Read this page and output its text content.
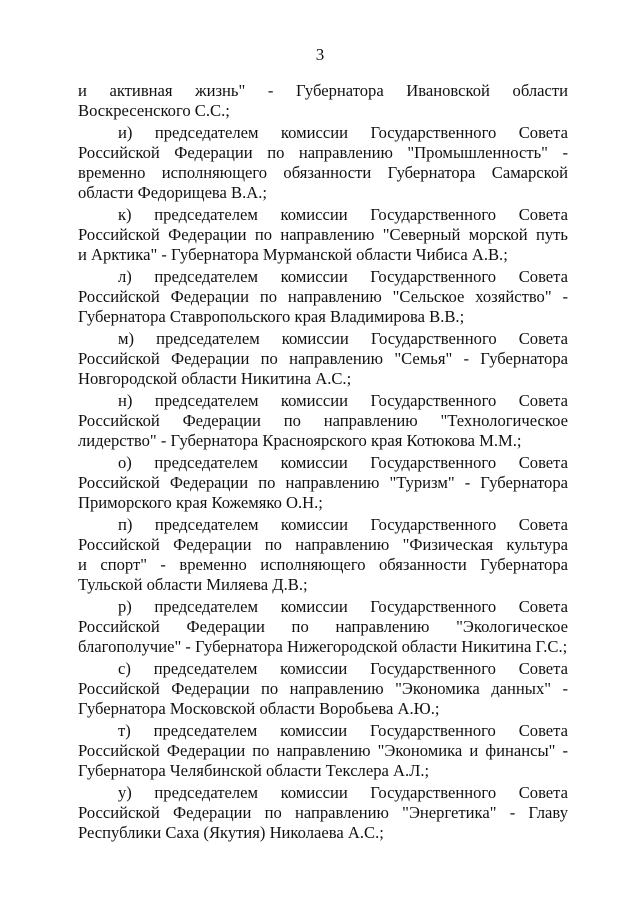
3
и активная жизнь" - Губернатора Ивановской области
Воскресенского С.С.;
и) председателем комиссии Государственного Совета
Российской Федерации по направлению "Промышленность" -
временно исполняющего обязанности Губернатора Самарской
области Федорищева В.А.;
к) председателем комиссии Государственного Совета
Российской Федерации по направлению "Северный морской путь
и Арктика" - Губернатора Мурманской области Чибиса А.В.;
л) председателем комиссии Государственного Совета
Российской Федерации по направлению "Сельское хозяйство" -
Губернатора Ставропольского края Владимирова В.В.;
м) председателем комиссии Государственного Совета
Российской Федерации по направлению "Семья" - Губернатора
Новгородской области Никитина А.С.;
н) председателем комиссии Государственного Совета
Российской Федерации по направлению "Технологическое
лидерство" - Губернатора Красноярского края Котюкова М.М.;
о) председателем комиссии Государственного Совета
Российской Федерации по направлению "Туризм" - Губернатора
Приморского края Кожемяко О.Н.;
п) председателем комиссии Государственного Совета
Российской Федерации по направлению "Физическая культура
и спорт" - временно исполняющего обязанности Губернатора
Тульской области Миляева Д.В.;
р) председателем комиссии Государственного Совета
Российской Федерации по направлению "Экологическое
благополучие" - Губернатора Нижегородской области Никитина Г.С.;
с) председателем комиссии Государственного Совета
Российской Федерации по направлению "Экономика данных" -
Губернатора Московской области Воробьева А.Ю.;
т) председателем комиссии Государственного Совета
Российской Федерации по направлению "Экономика и финансы" -
Губернатора Челябинской области Текслера А.Л.;
у) председателем комиссии Государственного Совета
Российской Федерации по направлению "Энергетика" - Главу
Республики Саха (Якутия) Николаева А.С.;
